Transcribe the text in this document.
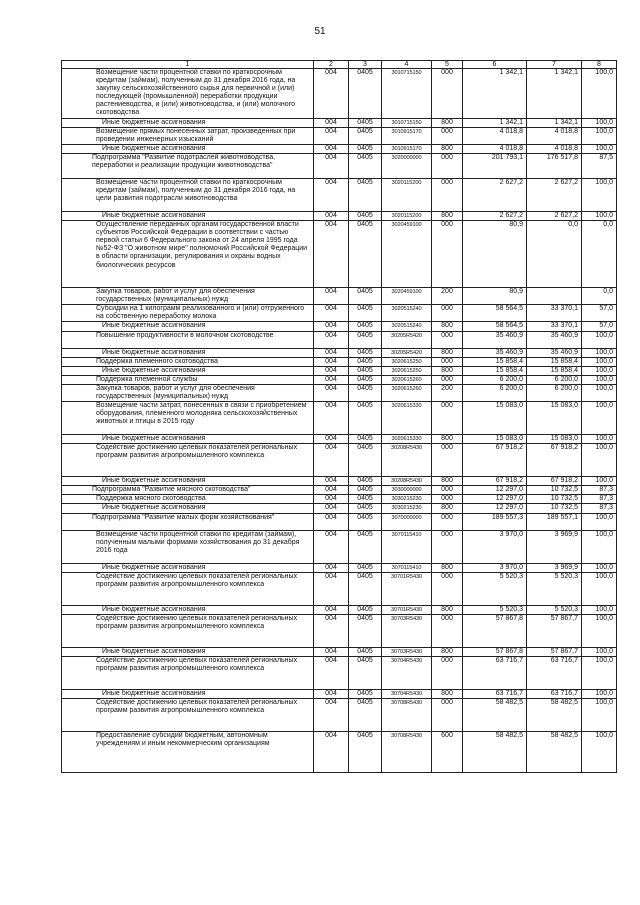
51
1	2	3	4	5	6	7	8
Возмещение части процентной ставки по краткосрочным кредитам (займам), полученным до 31 декабря 2016 года, на закупку сельскохозяйственного сырья для первичной и (или) последующей (промышленной) переработки продукции растениеводства, и (или) животноводства, и (или) молочного скотоводства	004	0405	3010715150	000	1 342,1	1 342,1	100,0
Иные бюджетные ассигнования	004	0405	3010715150	800	1 342,1	1 342,1	100,0
Возмещение прямых понесенных затрат, произведенных при проведении инженерных изысканий	004	0405	3010915170	000	4 018,8	4 018,8	100,0
Иные бюджетные ассигнования	004	0405	3010915170	800	4 018,8	4 018,8	100,0
Подпрограмма "Развитие подотраслей животноводства, переработки и реализации продукции животноводства"	004	0405	3020000000	000	201 793,1	176 517,8	87,5
Возмещение части процентной ставки по краткосрочным кредитам (займам), полученным до 31 декабря 2016 года, на цели развития подотрасли животноводства	004	0405	3020115200	000	2 627,2	2 627,2	100,0
Иные бюджетные ассигнования	004	0405	3020115200	800	2 627,2	2 627,2	100,0
Осуществление переданных органам государственной власти субъектов Российской Федерации в соответствии с частью первой статьи 6 Федерального закона от 24 апреля 1995 года №52-ФЗ "О животном мире" полномочий Российской Федерации в области организации, регулирования и охраны водных биологических ресурсов	004	0405	3020459100	000	80,9	0,0	0,0
Закупка товаров, работ и услуг для обеспечения государственных (муниципальных) нужд	004	0405	3020459100	200	80,9		0,0
Субсидии на 1 килограмм реализованного и (или) отгруженного на собственную переработку молока	004	0405	3020515240	000	58 564,5	33 370,1	57,0
Иные бюджетные ассигнования	004	0405	3020515240	800	58 564,5	33 370,1	57,0
Повышение продуктивности в молочном скотоводстве	004	0405	30205R5420	000	35 460,9	35 460,9	100,0
Иные бюджетные ассигнования	004	0405	30205R5420	800	35 460,9	35 460,9	100,0
Поддержка племенного скотоводства	004	0405	3020615250	000	15 858,4	15 858,4	100,0
Иные бюджетные ассигнования	004	0405	3020615250	800	15 858,4	15 858,4	100,0
Поддержка племенной службы	004	0405	3020615260	000	6 200,0	6 200,0	100,0
Закупка товаров, работ и услуг для обеспечения государственных (муниципальных) нужд	004	0405	3020615260	200	6 200,0	6 200,0	100,0
Возмещение части затрат, понесенных в связи с приобретением оборудования, племенного молодняка сельскохозяйственных животных и птицы в 2015 году	004	0405	3020615330	000	15 083,0	15 083,0	100,0
Иные бюджетные ассигнования	004	0405	3020615330	800	15 083,0	15 083,0	100,0
Содействие достижению целевых показателей региональных программ развития агропромышленного комплекса	004	0405	30208R5430	000	67 918,2	67 918,2	100,0
Иные бюджетные ассигнования	004	0405	30208R5430	800	67 918,2	67 918,2	100,0
Подпрограмма "Развитие мясного скотоводства"	004	0405	3030000000	000	12 297,0	10 732,5	87,3
Поддержка мясного скотоводства	004	0405	3030215230	000	12 297,0	10 732,5	87,3
Иные бюджетные ассигнования	004	0405	3030215230	800	12 297,0	10 732,5	87,3
Подпрограмма "Развитие малых форм хозяйствования"	004	0405	3070000000	000	189 557,3	189 557,1	100,0
Возмещение части процентной ставки по кредитам (займам), полученным малыми формами хозяйствования до 31 декабря 2016 года	004	0405	3070115410	000	3 970,0	3 969,9	100,0
Иные бюджетные ассигнования	004	0405	3070115410	800	3 970,0	3 969,9	100,0
Содействие достижению целевых показателей региональных программ развития агропромышленного комплекса	004	0405	30701R5430	000	5 520,3	5 520,3	100,0
Иные бюджетные ассигнования	004	0405	30701R5430	800	5 520,3	5 520,3	100,0
Содействие достижению целевых показателей региональных программ развития агропромышленного комплекса	004	0405	30703R5430	000	57 867,8	57 867,7	100,0
Иные бюджетные ассигнования	004	0405	30703R5430	800	57 867,8	57 867,7	100,0
Содействие достижению целевых показателей региональных программ развития агропромышленного комплекса	004	0405	30704R5430	000	63 716,7	63 716,7	100,0
Иные бюджетные ассигнования	004	0405	30704R5430	800	63 716,7	63 716,7	100,0
Содействие достижению целевых показателей региональных программ развития агропромышленного комплекса	004	0405	30708R5430	000	58 482,5	58 482,5	100,0
Предоставление субсидий бюджетным, автономным учреждениям и иным некоммерческим организациям	004	0405	30708R5430	600	58 482,5	58 482,5	100,0
